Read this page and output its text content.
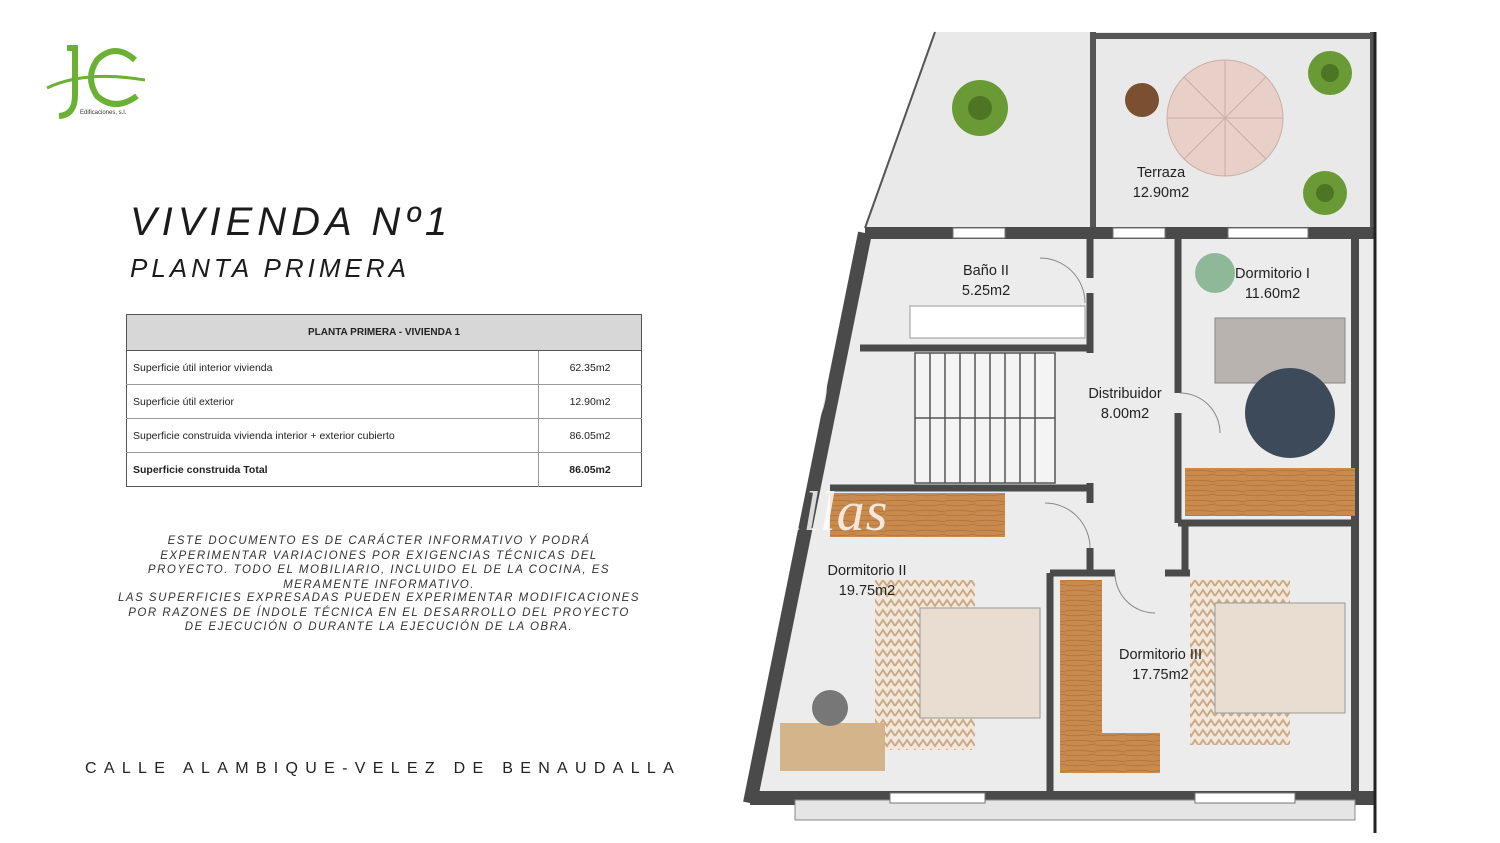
Edificaciones, s.l.
VIVIENDA Nº1
PLANTA PRIMERA
PLANTA PRIMERA - VIVIENDA 1	
Superficie útil interior vivienda	62.35m2
Superficie útil exterior	12.90m2
Superficie construida vivienda interior + exterior cubierto	86.05m2
Superficie construida Total	86.05m2
ESTE DOCUMENTO ES DE CARÁCTER INFORMATIVO Y PODRÁ EXPERIMENTAR VARIACIONES POR EXIGENCIAS TÉCNICAS DEL PROYECTO. TODO EL MOBILIARIO, INCLUIDO EL DE LA COCINA, ES MERAMENTE INFORMATIVO.
LAS SUPERFICIES EXPRESADAS PUEDEN EXPERIMENTAR MODIFICACIONES POR RAZONES DE ÍNDOLE TÉCNICA EN EL DESARROLLO DEL PROYECTO DE EJECUCIÓN O DURANTE LA EJECUCIÓN DE LA OBRA.
CALLE ALAMBIQUE-VELEZ DE BENAUDALLA
Terraza
12.90m2
Baño II
5.25m2
Dormitorio I
11.60m2
Distribuidor
8.00m2
Dormitorio II
19.75m2
Dormitorio III
17.75m2
Pargo Villas
